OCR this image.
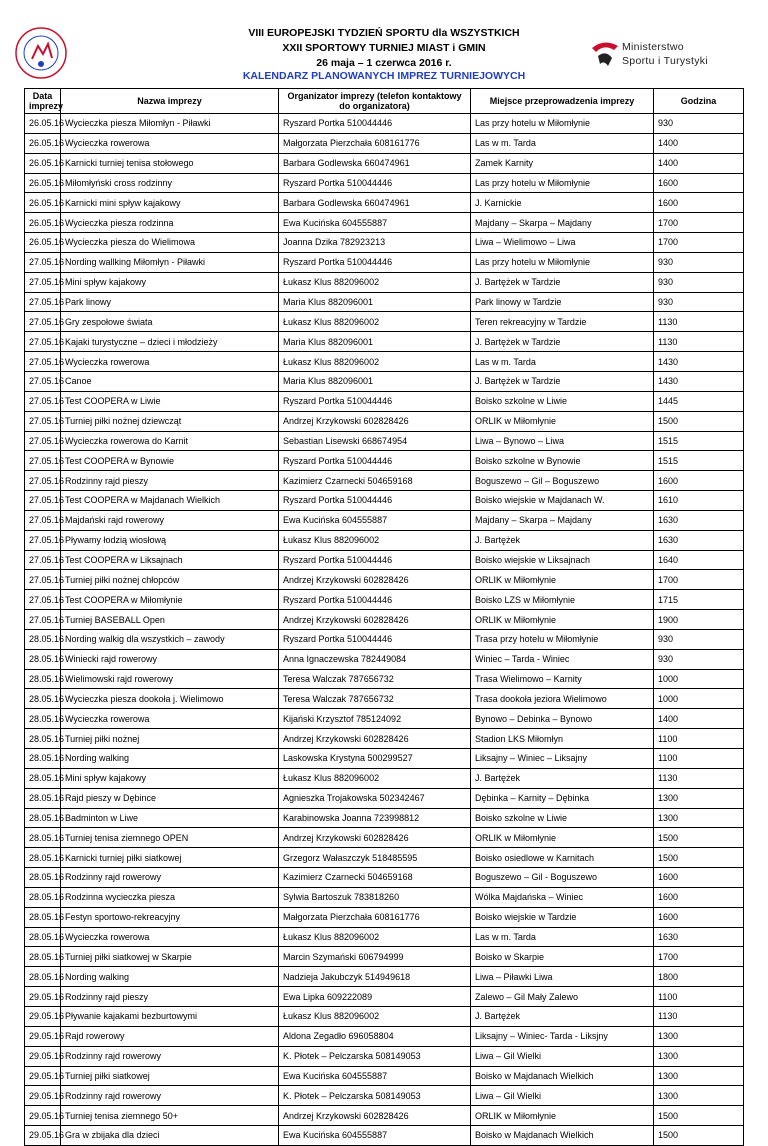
Ministerstwo
Sportu i Turystyki
VIII EUROPEJSKI TYDZIEŃ SPORTU dla WSZYSTKICH
XXII SPORTOWY TURNIEJ MIAST i GMIN
26 maja – 1 czerwca 2016 r.
KALENDARZ PLANOWANYCH IMPREZ TURNIEJOWYCH
Data imprezy	Nazwa imprezy	Organizator imprezy (telefon kontaktowy do organizatora)	Miejsce przeprowadzenia imprezy	Godzina
26.05.16	Wycieczka piesza Miłomłyn - Piławki	Ryszard Portka 510044446	Las przy hotelu w Miłomłynie	930
26.05.16	Wycieczka rowerowa	Małgorzata Pierzchała 608161776	Las w m. Tarda	1400
26.05.16	Karnicki turniej tenisa stołowego	Barbara Godlewska 660474961	Zamek Karnity	1400
26.05.16	Miłomłyński cross rodzinny	Ryszard Portka 510044446	Las przy hotelu w Miłomłynie	1600
26.05.16	Karnicki mini spływ kajakowy	Barbara Godlewska 660474961	J. Karnickie	1600
26.05.16	Wycieczka piesza rodzinna	Ewa Kucińska 604555887	Majdany – Skarpa – Majdany	1700
26.05.16	Wycieczka piesza do Wielimowa	Joanna Dzika 782923213	Liwa – Wielimowo – Liwa	1700
27.05.16	Nording wallking Miłomłyn - Piławki	Ryszard Portka 510044446	Las przy hotelu w Miłomłynie	930
27.05.16	Mini spływ kajakowy	Łukasz Klus 882096002	J. Bartężek w Tardzie	930
27.05.16	Park linowy	Maria Klus 882096001	Park linowy w Tardzie	930
27.05.16	Gry zespołowe świata	Łukasz Klus 882096002	Teren rekreacyjny w Tardzie	1130
27.05.16	Kajaki turystyczne – dzieci i młodzieży	Maria Klus 882096001	J. Bartężek w Tardzie	1130
27.05.16	Wycieczka rowerowa	Łukasz Klus 882096002	Las w m. Tarda	1430
27.05.16	Canoe	Maria Klus 882096001	J. Bartężek w Tardzie	1430
27.05.16	Test COOPERA w Liwie	Ryszard Portka 510044446	Boisko szkolne w Liwie	1445
27.05.16	Turniej piłki nożnej dziewcząt	Andrzej Krzykowski 602828426	ORLIK w Miłomłynie	1500
27.05.16	Wycieczka rowerowa do Karnit	Sebastian Lisewski 668674954	Liwa – Bynowo – Liwa	1515
27.05.16	Test COOPERA w Bynowie	Ryszard Portka 510044446	Boisko szkolne w Bynowie	1515
27.05.16	Rodzinny rajd pieszy	Kazimierz Czarnecki 504659168	Boguszewo – Gil – Boguszewo	1600
27.05.16	Test COOPERA w Majdanach Wielkich	Ryszard Portka 510044446	Boisko wiejskie w Majdanach W.	1610
27.05.16	Majdański rajd rowerowy	Ewa Kucińska 604555887	Majdany – Skarpa – Majdany	1630
27.05.16	Pływamy łodzią wiosłową	Łukasz Klus 882096002	J. Bartężek	1630
27.05.16	Test COOPERA w Liksajnach	Ryszard Portka 510044446	Boisko wiejskie w Liksajnach	1640
27.05.16	Turniej piłki nożnej chłopców	Andrzej Krzykowski 602828426	ORLIK w Miłomłynie	1700
27.05.16	Test COOPERA w Miłomłynie	Ryszard Portka 510044446	Boisko LZS w Miłomłynie	1715
27.05.16	Turniej BASEBALL Open	Andrzej Krzykowski 602828426	ORLIK w Miłomłynie	1900
28.05.16	Nording walkig dla wszystkich – zawody	Ryszard Portka 510044446	Trasa przy hotelu w Miłomłynie	930
28.05.16	Winiecki rajd rowerowy	Anna Ignaczewska 782449084	Winiec – Tarda - Winiec	930
28.05.16	Wielimowski rajd rowerowy	Teresa Walczak 787656732	Trasa Wielimowo – Karnity	1000
28.05.16	Wycieczka piesza dookoła j. Wielimowo	Teresa Walczak 787656732	Trasa dookoła jeziora Wielimowo	1000
28.05.16	Wycieczka rowerowa	Kijański Krzysztof 785124092	Bynowo – Debinka – Bynowo	1400
28.05.16	Turniej piłki nożnej	Andrzej Krzykowski 602828426	Stadion LKS Miłomłyn	1100
28.05.16	Nording walking	Laskowska Krystyna 500299527	Liksajny – Winiec – Liksajny	1100
28.05.16	Mini spływ kajakowy	Łukasz Klus 882096002	J. Bartężek	1130
28.05.16	Rajd pieszy w Dębince	Agnieszka Trojakowska 502342467	Dębinka – Karnity – Dębinka	1300
28.05.16	Badminton w Liwe	Karabinowska Joanna 723998812	Boisko szkolne w Liwie	1300
28.05.16	Turniej tenisa ziemnego OPEN	Andrzej Krzykowski 602828426	ORLIK w Miłomłynie	1500
28.05.16	Karnicki turniej piłki siatkowej	Grzegorz Wałaszczyk 518485595	Boisko osiedlowe w Karnitach	1500
28.05.16	Rodzinny rajd rowerowy	Kazimierz Czarnecki 504659168	Boguszewo – Gil - Boguszewo	1600
28.05.16	Rodzinna wycieczka piesza	Sylwia Bartoszuk 783818260	Wólka Majdańska – Winiec	1600
28.05.16	Festyn sportowo-rekreacyjny	Małgorzata Pierzchała 608161776	Boisko wiejskie w Tardzie	1600
28.05.16	Wycieczka rowerowa	Łukasz Klus 882096002	Las w m. Tarda	1630
28.05.16	Turniej piłki siatkowej w Skarpie	Marcin Szymański 606794999	Boisko w Skarpie	1700
28.05.16	Nording walking	Nadzieja Jakubczyk 514949618	Liwa – Piławki Liwa	1800
29.05.16	Rodzinny rajd pieszy	Ewa Lipka 609222089	Zalewo – Gil Mały Zalewo	1100
29.05.16	Pływanie kajakami bezburtowymi	Łukasz Klus 882096002	J. Bartężek	1130
29.05.16	Rajd rowerowy	Aldona Zegadło 696058804	Liksajny – Winiec- Tarda - Liksjny	1300
29.05.16	Rodzinny rajd rowerowy	K. Płotek – Pelczarska 508149053	Liwa – Gil Wielki	1300
29.05.16	Turniej piłki siatkowej	Ewa Kucińska 604555887	Boisko w Majdanach Wielkich	1300
29.05.16	Rodzinny rajd rowerowy	K. Płotek – Pelczarska 508149053	Liwa – Gil Wielki	1300
29.05.16	Turniej tenisa ziemnego 50+	Andrzej Krzykowski 602828426	ORLIK w Miłomłynie	1500
29.05.16	Gra w zbijaka dla dzieci	Ewa Kucińska 604555887	Boisko w Majdanach Wielkich	1500
